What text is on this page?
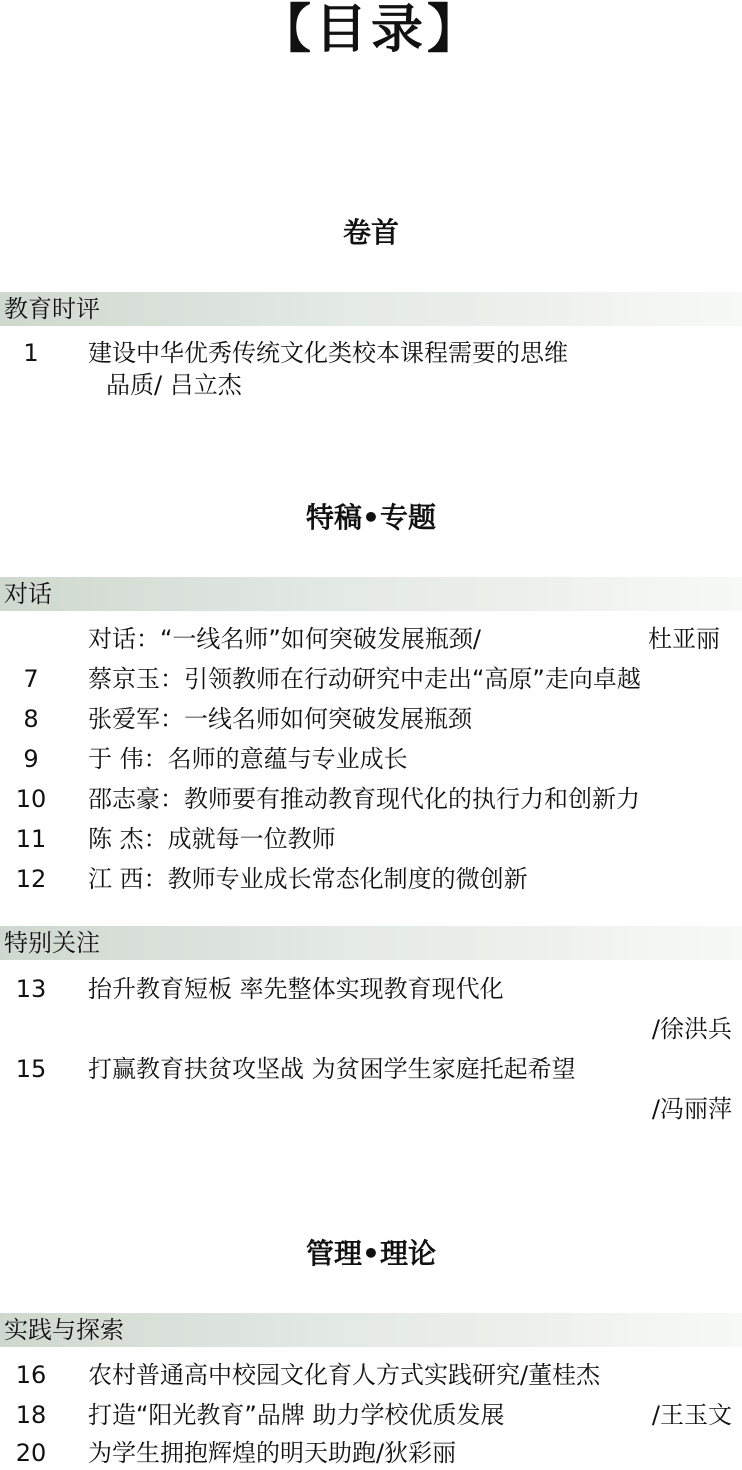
【目录】
卷首
教育时评
1	建设中华优秀传统文化类校本课程需要的思维
品质/ 吕立杰
特稿•专题
对话
对话：“一线名师”如何突破发展瓶颈/	杜亚丽
7	蔡京玉：引领教师在行动研究中走出“高原”走向卓越
8	张爱军：一线名师如何突破发展瓶颈
9	于 伟：名师的意蕴与专业成长
10	邵志豪：教师要有推动教育现代化的执行力和创新力
11	陈 杰：成就每一位教师
12	江 西：教师专业成长常态化制度的微创新
特别关注
13	抬升教育短板 率先整体实现教育现代化
/徐洪兵
15	打赢教育扶贫攻坚战 为贫困学生家庭托起希望
/冯丽萍
管理•理论
实践与探索
16	农村普通高中校园文化育人方式实践研究/董桂杰
18	打造“阳光教育”品牌 助力学校优质发展	/王玉文
20	为学生拥抱辉煌的明天助跑/狄彩丽
